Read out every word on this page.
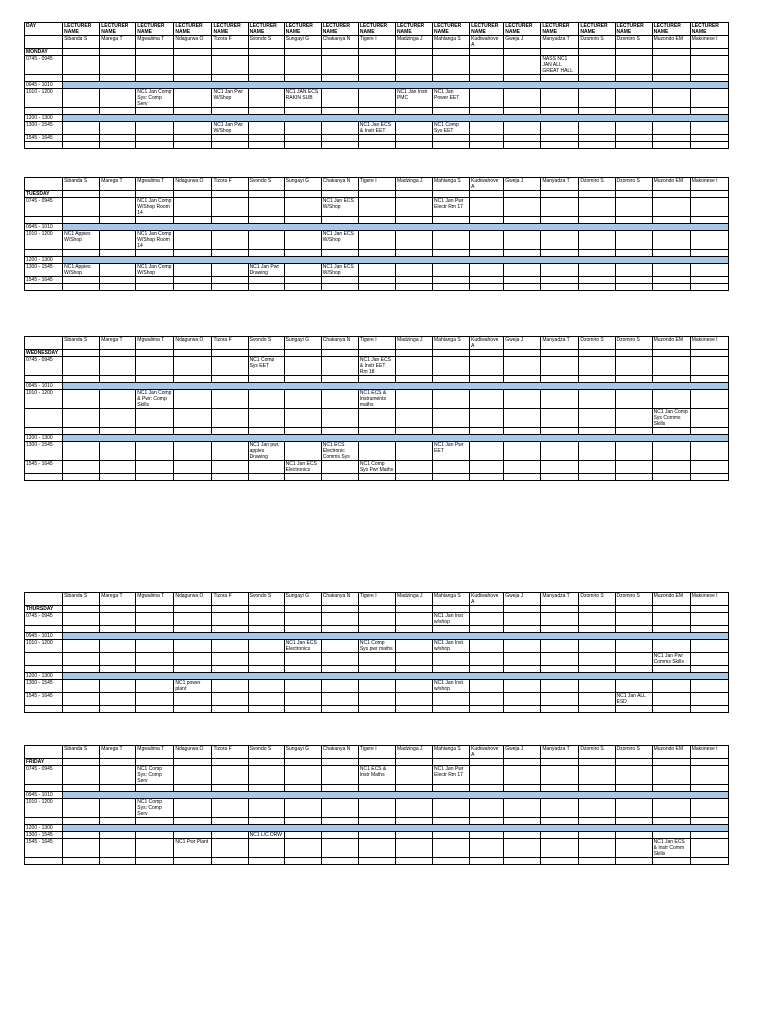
DAY	LECTURER NAME	LECTURER NAME	LECTURER NAME	LECTURER NAME	LECTURER NAME	LECTURER NAME	LECTURER NAME	LECTURER NAME	LECTURER NAME	LECTURER NAME	LECTURER NAME	LECTURER NAME	LECTURER NAME	LECTURER NAME	LECTURER NAME	LECTURER NAME	LECTURER NAME	LECTURER NAME
	Sibanda S	Marega T	Mgwalima T	Ndagurwa O	Tizora F	Svondo S	Sungayi G	Chakanya N	Tigere I	Madzinga J	Mahlanga S	Kudiwahove A	Gweja J	Manyadza T	Dzomiro S	Dzomiro S	Muzondo EM	Makonese I
MONDAY																		
0745 - 0945														NASS NC1 JAN ALL GREAT HALL				

0945 - 1010																		
1010 - 1200			NC1 Jan Comp Sys: Comp Serv		NC1 Jan Pwr W/Shop		NC1 JAN ECS RAKIN SUB			NC1 Jan Instr PMC	NC1 Jan Power EET							

1200 - 1300																		
1300 - 1545					NC1 Jan Pwr W/Shop				NC1 Jan ECS & Instr EET		NC1 Comp Sys EET							
1545 - 1645																		

	Sibanda S	Marega T	Mgwalima T	Ndagurwa O	Tizora F	Svondo S	Sungayi G	Chakanya N	Tigere I	Madzinga J	Mahlanga S	Kudiwahove A	Gweja J	Manyadza T	Dzomiro S	Dzomiro S	Muzondo EM	Makonese I
TUESDAY																		
0745 - 0945			NC1 Jan Comp W/Shop Room 14					NC1 Jan ECS W/Shop			NC1 Jan Pwr Electr Rm 17							

0945 - 1010																		
1010 - 1200	NC1 Appies W/Shop		NC1 Jan Comp W/Shop Room 14					NC1 Jan ECS W/Shop										

1200 - 1300																		
1300 - 1545	NC1 Appies W/Shop		NC1 Jan Comp W/Shop			NC1 Jan Pwr Drawing		NC1 Jan ECS W/Shop										
1545 - 1645																		

	Sibanda S	Marega T	Mgwalima T	Ndagurwa O	Tizora F	Svondo S	Sungayi G	Chakanya N	Tigere I	Madzinga J	Mahlanga S	Kudiwahove A	Gweja J	Manyadza T	Dzomiro S	Dzomiro S	Muzondo EM	Makonese I
WEDNESDAY																		
0745 - 0945						NC1 Comp Sys EET			NC1 Jan ECS & Instr EET Rm 18									

0945 - 1010																		
1010 - 1200			NC1 Jan Comp & Pwr: Comp Skills						NC1 ECS & Instruments maths									
																	NC1 Jan Comp Sys Comms Skills	

1200 - 1300																		
1300 - 1545						NC1 Jan pwr, appies Drawing		NC1 ECS Electronic Comms Sys			NC1 Jan Pwr EET							
1545 - 1645							NC1 Jan ECS Electronics		NC1 Comp Sys Pwr Maths									

	Sibanda S	Marega T	Mgwalima T	Ndagurwa O	Tizora F	Svondo S	Sungayi G	Chakanya N	Tigere I	Madzinga J	Mahlanga S	Kudiwahove A	Gweja J	Manyadza T	Dzomiro S	Dzomiro S	Muzondo EM	Makonese I
THURSDAY																		
0745 - 0945											NC1 Jan Inst w/shop							

0945 - 1010																		
1010 - 1200							NC1 Jan ECS Electronics		NC1 Comp Sys pwr maths		NC1 Jan Inst w/shop							
																	NC1 Jan Pwr Comms Skills	

1200 - 1300																		
1300 - 1545				NC1 power plant							NC1 Jan Inst w/shop							
1545 - 1645																NC1 Jan ALL ESD		

	Sibanda S	Marega T	Mgwalima T	Ndagurwa O	Tizora F	Svondo S	Sungayi G	Chakanya N	Tigere I	Madzinga J	Mahlanga S	Kudiwahove A	Gweja J	Manyadza T	Dzomiro S	Dzomiro S	Muzondo EM	Makonese I
FRIDAY																		
0745 - 0945			NC1 Comp Sys: Comp Serv						NC1 ECS & Instr Maths		NC1 Jan Pwr Electr Rm 17							

0945 - 1010																		
1010 - 1200			NC1 Comp Sys: Comp Serv															

1200 - 1300																		
1300 - 1545						NC1 L/C DRW												
1545 - 1645				NC1 Pwr Plant													NC1 Jan ECS & Instr Comm Skills	
